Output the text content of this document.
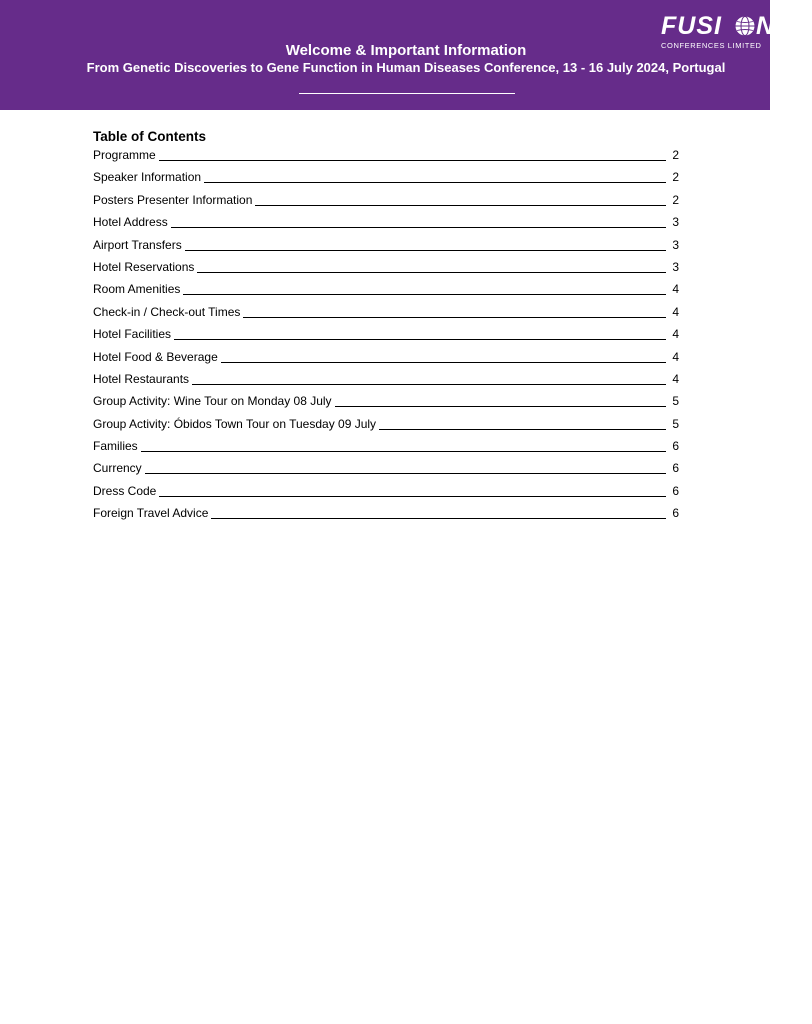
Welcome & Important Information
From Genetic Discoveries to Gene Function in Human Diseases Conference, 13 - 16 July 2024, Portugal
FUSI N
CONFERENCES LIMITED
Table of Contents
Programme	2
Speaker Information	2
Posters Presenter Information	2
Hotel Address	3
Airport Transfers	3
Hotel Reservations	3
Room Amenities	4
Check-in / Check-out Times	4
Hotel Facilities	4
Hotel Food & Beverage	4
Hotel Restaurants	4
Group Activity: Wine Tour on Monday 08 July	5
Group Activity: Óbidos Town Tour on Tuesday 09 July	5
Families	6
Currency	6
Dress Code	6
Foreign Travel Advice	6
